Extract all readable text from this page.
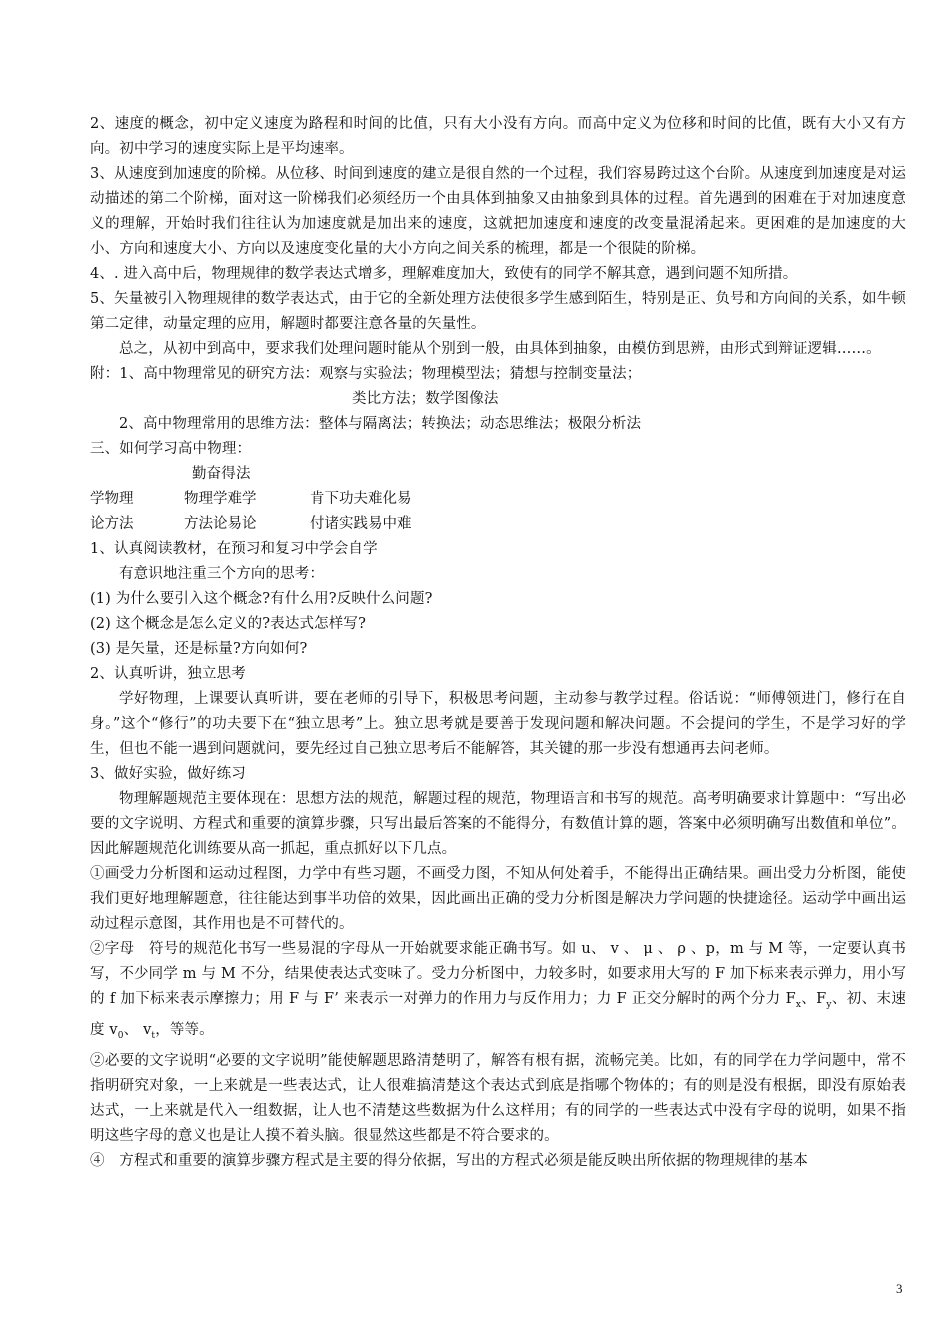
2、速度的概念，初中定义速度为路程和时间的比值，只有大小没有方向。而高中定义为位移和时间的比值，既有大小又有方向。初中学习的速度实际上是平均速率。

3、从速度到加速度的阶梯。从位移、时间到速度的建立是很自然的一个过程，我们容易跨过这个台阶。从速度到加速度是对运动描述的第二个阶梯，面对这一阶梯我们必须经历一个由具体到抽象又由抽象到具体的过程。首先遇到的困难在于对加速度意义的理解，开始时我们往往认为加速度就是加出来的速度，这就把加速度和速度的改变量混淆起来。更困难的是加速度的大小、方向和速度大小、方向以及速度变化量的大小方向之间关系的梳理，都是一个很陡的阶梯。

4、. 进入高中后，物理规律的数学表达式增多，理解难度加大，致使有的同学不解其意，遇到问题不知所措。

5、矢量被引入物理规律的数学表达式，由于它的全新处理方法使很多学生感到陌生，特别是正、负号和方向间的关系，如牛顿第二定律，动量定理的应用，解题时都要注意各量的矢量性。

总之，从初中到高中，要求我们处理问题时能从个别到一般，由具体到抽象，由模仿到思辨，由形式到辩证逻辑……。

附：1、高中物理常见的研究方法：观察与实验法；物理模型法；猜想与控制变量法；

类比方法；数学图像法

2、高中物理常用的思维方法：整体与隔离法；转换法；动态思维法；极限分析法

三、如何学习高中物理：

勤奋得法

学物理	物理学难学	肯下功夫难化易
论方法	方法论易论	付诸实践易中难

1、认真阅读教材，在预习和复习中学会自学

有意识地注重三个方向的思考：

(1) 为什么要引入这个概念?有什么用?反映什么问题?

(2) 这个概念是怎么定义的?表达式怎样写?

(3) 是矢量，还是标量?方向如何?

2、认真听讲，独立思考

学好物理，上课要认真听讲，要在老师的引导下，积极思考问题，主动参与教学过程。俗话说：“师傅领进门，修行在自身。”这个“修行”的功夫要下在“独立思考”上。独立思考就是要善于发现问题和解决问题。不会提问的学生，不是学习好的学生，但也不能一遇到问题就问，要先经过自己独立思考后不能解答，其关键的那一步没有想通再去问老师。

3、做好实验，做好练习

物理解题规范主要体现在：思想方法的规范，解题过程的规范，物理语言和书写的规范。高考明确要求计算题中：“写出必要的文字说明、方程式和重要的演算步骤，只写出最后答案的不能得分，有数值计算的题，答案中必须明确写出数值和单位”。因此解题规范化训练要从高一抓起，重点抓好以下几点。

①画受力分析图和运动过程图，力学中有些习题，不画受力图，不知从何处着手，不能得出正确结果。画出受力分析图，能使我们更好地理解题意，往往能达到事半功倍的效果，因此画出正确的受力分析图是解决力学问题的快捷途径。运动学中画出运动过程示意图，其作用也是不可替代的。

②字母　符号的规范化书写一些易混的字母从一开始就要求能正确书写。如 u、 v 、 μ 、 ρ 、p，m 与 M 等，一定要认真书写，不少同学 m 与 M 不分，结果使表达式变味了。受力分析图中，力较多时，如要求用大写的 F 加下标来表示弹力，用小写的 f 加下标来表示摩擦力；用 F 与 F’ 来表示一对弹力的作用力与反作用力；力 F 正交分解时的两个分力 $F_x$、$F_y$、初、末速度 $v_0$、 $v_t$，等等。

②必要的文字说明“必要的文字说明”能使解题思路清楚明了，解答有根有据，流畅完美。比如，有的同学在力学问题中，常不指明研究对象，一上来就是一些表达式，让人很难搞清楚这个表达式到底是指哪个物体的；有的则是没有根据，即没有原始表达式，一上来就是代入一组数据，让人也不清楚这些数据为什么这样用；有的同学的一些表达式中没有字母的说明，如果不指明这些字母的意义也是让人摸不着头脑。很显然这些都是不符合要求的。

④　方程式和重要的演算步骤方程式是主要的得分依据，写出的方程式必须是能反映出所依据的物理规律的基本

3
